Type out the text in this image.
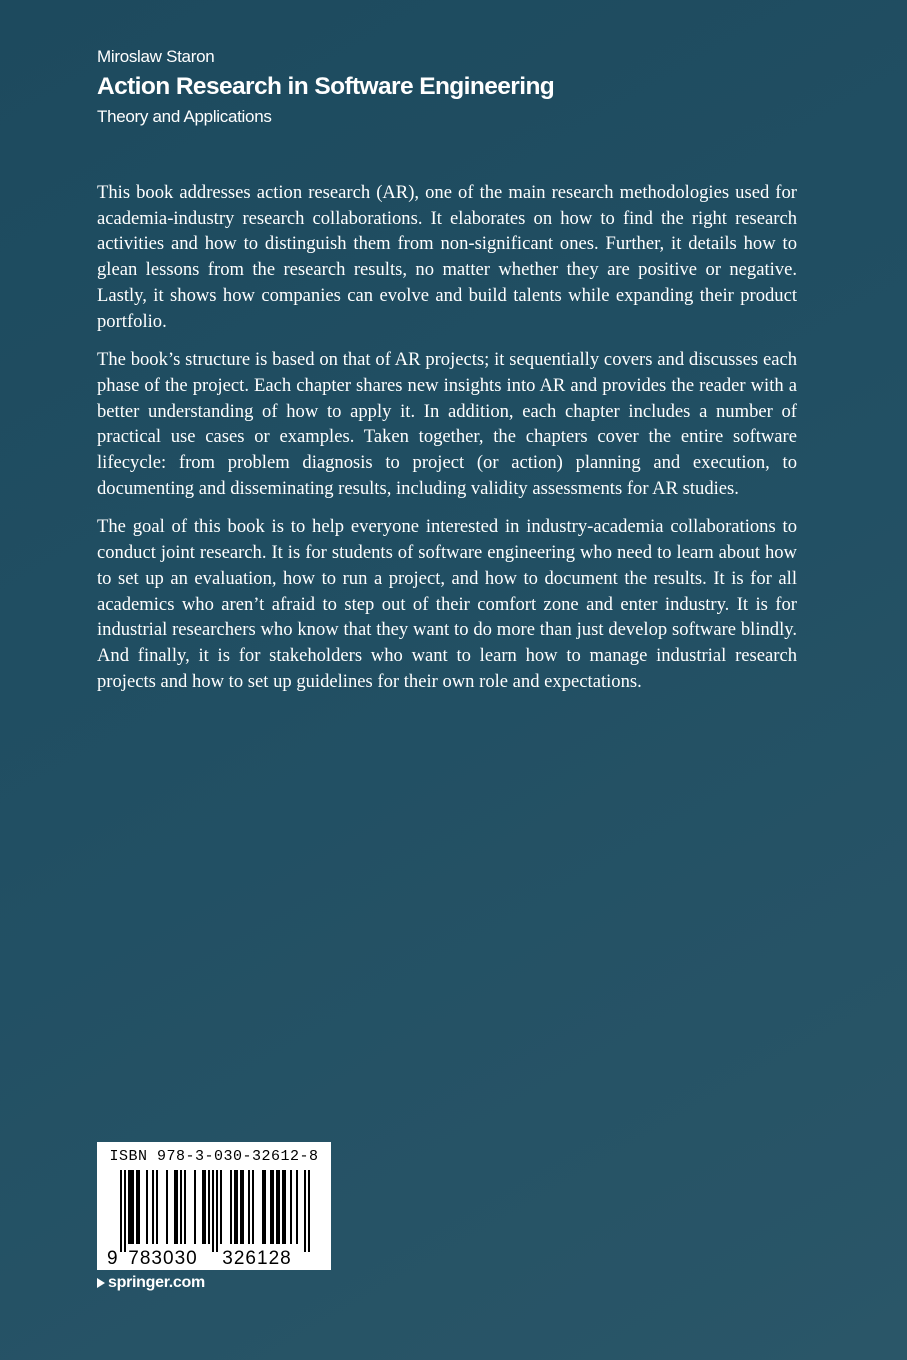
Miroslaw Staron

Action Research in Software Engineering

Theory and Applications

This book addresses action research (AR), one of the main research methodologies used for academia-industry research collaborations. It elaborates on how to find the right research activities and how to distinguish them from non-significant ones. Further, it details how to glean lessons from the research results, no matter whether they are positive or negative. Lastly, it shows how companies can evolve and build talents while expanding their product portfolio.

The book’s structure is based on that of AR projects; it sequentially covers and discusses each phase of the project. Each chapter shares new insights into AR and provides the reader with a better understanding of how to apply it. In addition, each chapter includes a number of practical use cases or examples. Taken together, the chapters cover the entire software lifecycle: from problem diagnosis to project (or action) planning and execution, to documenting and disseminating results, including validity assessments for AR studies.

The goal of this book is to help everyone interested in industry-academia collaborations to conduct joint research. It is for students of software engineering who need to learn about how to set up an evaluation, how to run a project, and how to document the results. It is for all academics who aren’t afraid to step out of their comfort zone and enter industry. It is for industrial researchers who know that they want to do more than just develop software blindly. And finally, it is for stakeholders who want to learn how to manage industrial research projects and how to set up guidelines for their own role and expectations.

ISBN 978-3-030-32612-8
9 783030 326128
springer.com
